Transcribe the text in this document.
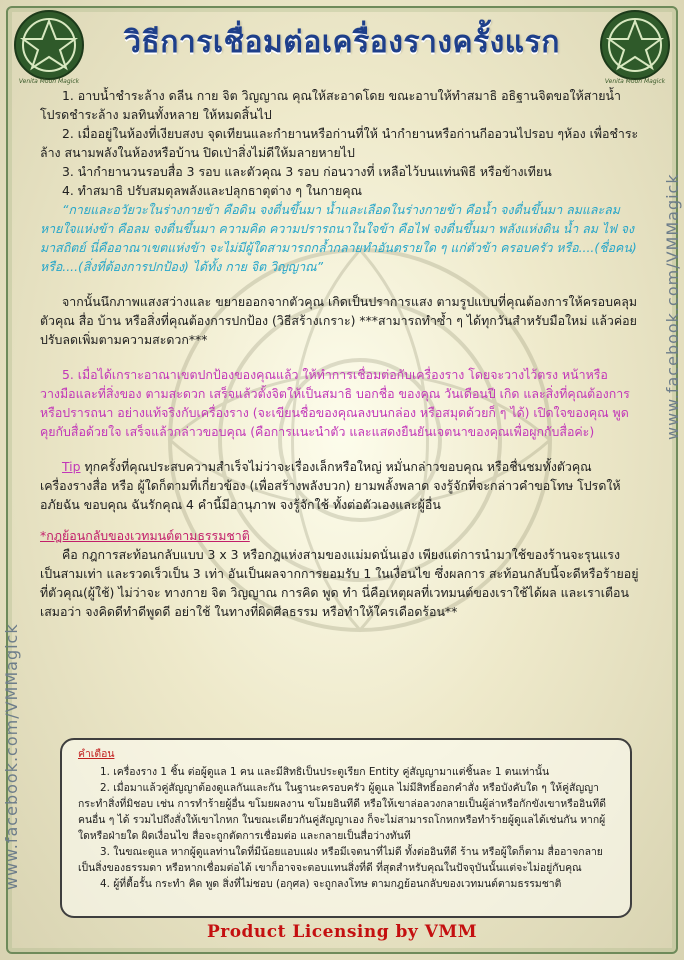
Venita Moon Magick	Venita Moon Magick
วิธีการเชื่อมต่อเครื่องรางครั้งแรก
www.facebook.com/VMMagick
www.facebook.com/VMMagick

1. อาบน้ำชำระล้าง ดลีน กาย จิต วิญญาณ คุณให้สะอาดโดย ขณะอาบให้ทำสมาธิ อธิฐานจิตขอให้สายน้ำโปรดชำระล้าง มลทินทั้งหลาย ให้หมดสิ้นไป

2. เมื่ออยู่ในห้องที่เงียบสงบ จุดเทียนและกำยานหรือก่านที่ให้ นำกำยานหรือก่านกีออวนไปรอบ ๆห้อง เพื่อชำระล้าง สนามพลังในห้องหรือบ้าน ปิดเป่าสิ่งไม่ดีให้มลายหายไป

3. นำกำยานวนรอบสื่อ 3 รอบ และตัวคุณ 3 รอบ ก่อนวางที่ เหลือไว้บนแท่นพิธี หรือข้างเทียน

4. ทำสมาธิ ปรับสมดุลพลังและปลุกธาตุต่าง ๆ ในกายคุณ

“กายและอวัยวะในร่างกายข้า คือดิน จงตื่นขึ้นมา น้ำและเลือดในร่างกายข้า คือน้ำ จงตื่นขึ้นมา ลมและลมหายใจแห่งข้า คือลม จงตื่นขึ้นมา ความคิด ความปรารถนาในใจข้า คือไฟ จงตื่นขึ้นมา พลังแห่งดิน น้ำ ลม ไฟ จงมาสถิตย์ นี่คืออาณาเขตแห่งข้า จะไม่มีผู้ใดสามารถกล้ำกลายทำอันตรายใด ๆ แก่ตัวข้า ครอบครัว หรือ....(ชื่อคน) หรือ....(สิ่งที่ต้องการปกป้อง) ได้ทั้ง กาย จิต วิญญาณ”

จากนั้นนึกภาพแสงสว่างและ ขยายออกจากตัวคุณ เกิดเป็นปราการแสง ตามรูปแบบที่คุณต้องการให้ครอบคลุมตัวคุณ สื่อ บ้าน หรือสิ่งที่คุณต้องการปกป้อง (วิธีสร้างเกราะ) ***สามารถทำซ้ำ ๆ ได้ทุกวันสำหรับมือใหม่ แล้วค่อยปรับลดเพิ่มตามความสะดวก***

5. เมื่อได้เกราะอาณาเขตปกป้องของคุณแล้ว ให้ทำการเชื่อมต่อกับเครื่องราง โดยจะวางไว้ตรง หน้าหรือวางมือและที่สิ่งของ ตามสะดวก เสร็จแล้วตั้งจิตให้เป็นสมาธิ บอกชื่อ ของคุณ วันเดือนปี เกิด และสิ่งที่คุณต้องการ หรือปรารถนา อย่างแท้จริงกับเครื่องราง (จะเขียนชื่อของคุณลงบนกล่อง หรือสมุดด้วยก็ ๆ ได้) เปิดใจของคุณ พูดคุยกับสื่อด้วยใจ เสร็จแล้วกล่าวขอบคุณ (คือการแนะนำตัว และแสดงยืนยันเจตนาของคุณเพื่อผูกกับสื่อค่ะ)

Tip ทุกครั้งที่คุณประสบความสำเร็จไม่ว่าจะเรื่องเล็กหรือใหญ่ หมั่นกล่าวขอบคุณ หรือชื่นชมทั้งตัวคุณ เครื่องรางสื่อ หรือ ผู้ใดก็ตามที่เกี่ยวข้อง (เพื่อสร้างพลังบวก) ยามพลั้งพลาด จงรู้จักที่จะกล่าวคำขอโทษ โปรดให้อภัยฉัน ขอบคุณ ฉันรักคุณ 4 คำนี้มีอานุภาพ จงรู้จักใช้ ทั้งต่อตัวเองและผู้อื่น

*กฎย้อนกลับของเวทมนต์ตามธรรมชาติ

คือ กฎการสะท้อนกลับแบบ 3 x 3 หรือกฎแห่งสามของแม่มดนั่นเอง เพียงแต่การนำมาใช้ของร้านจะรุนแรงเป็นสามเท่า และรวดเร็วเป็น 3 เท่า อันเป็นผลจากการยอมรับ 1 ในเงื่อนไข ซึ่งผลการ สะท้อนกลับนี้จะดีหรือร้ายอยู่ที่ตัวคุณ(ผู้ใช้) ไม่ว่าจะ ทางกาย จิต วิญญาณ การคิด พูด ทำ นี่คือเหตุผลที่เวทมนต์ของเราใช้ได้ผล และเราเตือนเสมอว่า จงคิดดีทำดีพูดดี อย่าใช้ ในทางที่ผิดศีลธรรม หรือทำให้ใครเดือดร้อน**

คำเตือน

1. เครื่องราง 1 ชิ้น ต่อผู้ดูแล 1 คน และมีสิทธิเป็นประตูเรียก Entity คู่สัญญามาแต่ชิ้นละ 1 ตนเท่านั้น

2. เมื่อมาแล้วคู่สัญญาต้องดูแลกันและกัน ในฐานะครอบครัว ผู้ดูแล ไม่มีสิทธิ์ออกคำสั่ง หรือบังคับใด ๆ ให้คู่สัญญากระทำสิ่งที่มิชอบ เช่น การทำร้ายผู้อื่น ขโมยผลงาน ขโมยอินทีดี หรือให้เขาล่อลวงกลายเป็นผู้ล่าหรือกักขังเขาหรืออินทีดีคนอื่น ๆ ได้ รวมไปถึงสั่งให้เขาไกหก ในขณะเดียวกันคู่สัญญาเอง ก็จะไม่สามารถโกหกหรือทำร้ายผู้ดูแลได้เช่นกัน หากผู้ใดหรือฝ่ายใด ผิดเงื่อนไข สื่อจะถูกตัดการเชื่อมต่อ และกลายเป็นสื่อว่างทันที

3. ในขณะดูแล หากผู้ดูแลท่านใดที่มีน้อยแอบแฝง หรือมีเจตนาที่ไม่ดี ทั้งต่ออินทีดี ร้าน หรือผู้ใดก็ตาม สื่ออาจกลายเป็นสิ่งของธรรมดา หรือหากเชื่อมต่อได้ เขาก็อาจจะตอบแทนสิ่งที่ดี ที่สุดสำหรับคุณในปัจจุบันนั้นแต่จะไม่อยู่กับคุณ

4. ผู้ที่ตื้อรั้น กระทำ คิด พูด สิ่งที่ไม่ชอบ (อกุศล) จะถูกลงโทษ ตามกฎย้อนกลับของเวทมนต์ตามธรรมชาติ

Product Licensing by VMM
